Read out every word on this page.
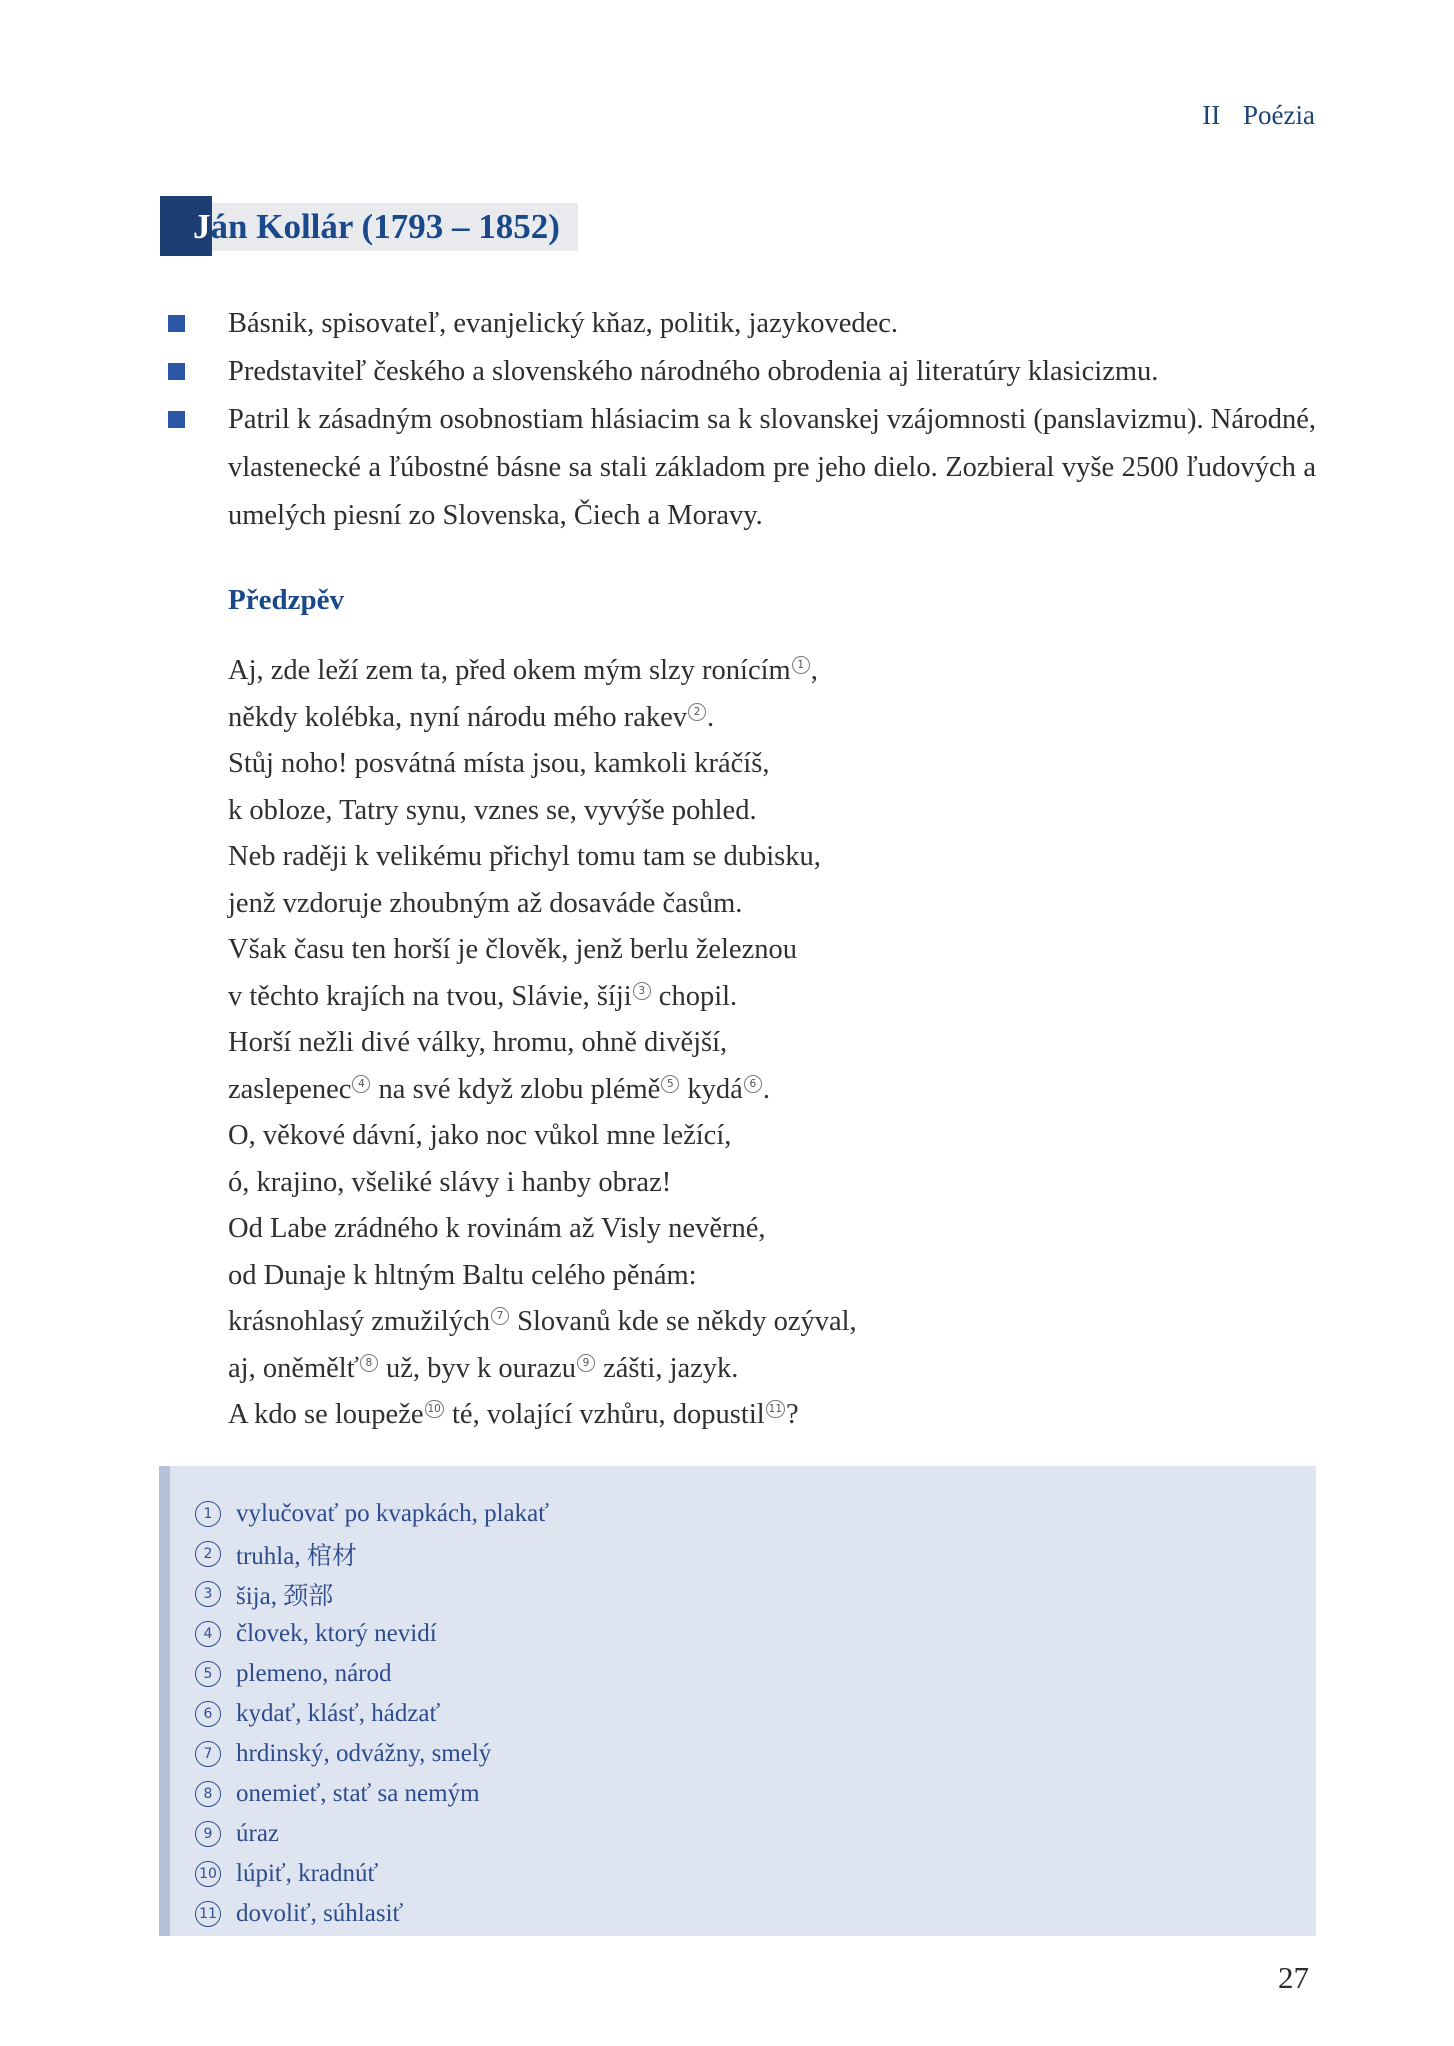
II Poézia
Ján Kollár (1793 – 1852)
Básnik, spisovateľ, evanjelický kňaz, politik, jazykovedec.
Predstaviteľ českého a slovenského národného obrodenia aj literatúry klasicizmu.
Patril k zásadným osobnostiam hlásiacim sa k slovanskej vzájomnosti (panslavizmu). Národné, vlastenecké a ľúbostné básne sa stali základom pre jeho dielo. Zozbieral vyše 2500 ľudových a umelých piesní zo Slovenska, Čiech a Moravy.
Předzpěv
Aj, zde leží zem ta, před okem mým slzy ronícím 1 ,
někdy kolébka, nyní národu mého rakev 2 .
Stůj noho! posvátná místa jsou, kamkoli kráčíš,
k obloze, Tatry synu, vznes se, vyvýše pohled.
Neb raději k velikému přichyl tomu tam se dubisku,
jenž vzdoruje zhoubným až dosaváde časům.
Však času ten horší je člověk, jenž berlu železnou
v těchto krajích na tvou, Slávie, šíji 3 chopil.
Horší nežli divé války, hromu, ohně divější,
zaslepenec 4 na své když zlobu plémě 5 kydá 6 .
O, věkové dávní, jako noc vůkol mne ležící,
ó, krajino, všeliké slávy i hanby obraz!
Od Labe zrádného k rovinám až Visly nevěrné,
od Dunaje k hltným Baltu celého pěnám:
krásnohlasý zmužilých 7 Slovanů kde se někdy ozýval,
aj, oněmělť 8 už, byv k ourazu 9 zášti, jazyk.
A kdo se loupeže 10 té, volající vzhůru, dopustil 11 ?
1 vylučovať po kvapkách, plakať
2 truhla, 棺材
3 šija, 颈部
4 človek, ktorý nevidí
5 plemeno, národ
6 kydať, klásť, hádzať
7 hrdinský, odvážny, smelý
8 onemieť, stať sa nemým
9 úraz
10 lúpiť, kradnúť
11 dovoliť, súhlasiť
27
